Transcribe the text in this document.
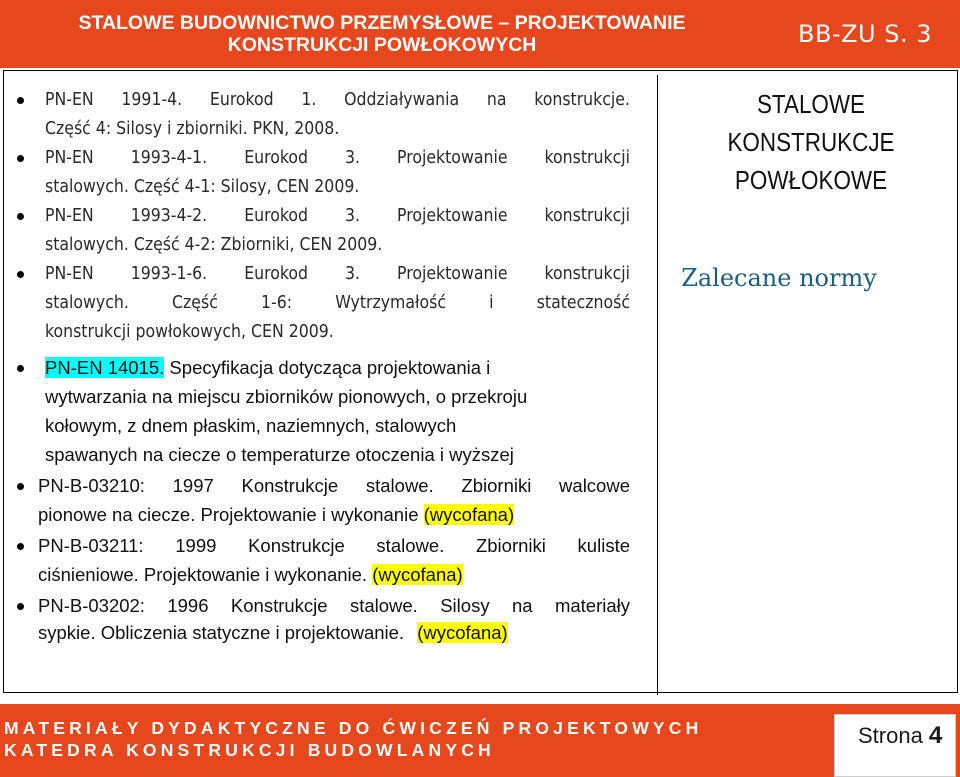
STALOWE BUDOWNICTWO PRZEMYSŁOWE – PROJEKTOWANIE
KONSTRUKCJI POWŁOKOWYCH	BB-ZU S. 3
PN-EN 1991-4. Eurokod 1. Oddziaływania na konstrukcje.
Część 4: Silosy i zbiorniki. PKN, 2008.
PN-EN 1993-4-1. Eurokod 3. Projektowanie konstrukcji
stalowych. Część 4-1: Silosy, CEN 2009.
PN-EN 1993-4-2. Eurokod 3. Projektowanie konstrukcji
stalowych. Część 4-2: Zbiorniki, CEN 2009.
PN-EN 1993-1-6. Eurokod 3. Projektowanie konstrukcji
stalowych. Część 1-6: Wytrzymałość i stateczność
konstrukcji powłokowych, CEN 2009.
PN-EN 14015. Specyfikacja dotycząca projektowania i
wytwarzania na miejscu zbiorników pionowych, o przekroju
kołowym, z dnem płaskim, naziemnych, stalowych
spawanych na ciecze o temperaturze otoczenia i wyższej
PN-B-03210: 1997 Konstrukcje stalowe. Zbiorniki walcowe
pionowe na ciecze. Projektowanie i wykonanie (wycofana)
PN-B-03211: 1999 Konstrukcje stalowe. Zbiorniki kuliste
ciśnieniowe. Projektowanie i wykonanie. (wycofana)
PN-B-03202: 1996 Konstrukcje stalowe. Silosy na materiały
sypkie. Obliczenia statyczne i projektowanie. (wycofana)
STALOWE
KONSTRUKCJE
POWŁOKOWE
Zalecane normy
MATERIAŁY DYDAKTYCZNE DO ĆWICZEŃ PROJEKTOWYCH
KATEDRA KONSTRUKCJI BUDOWLANYCH
Strona 4
